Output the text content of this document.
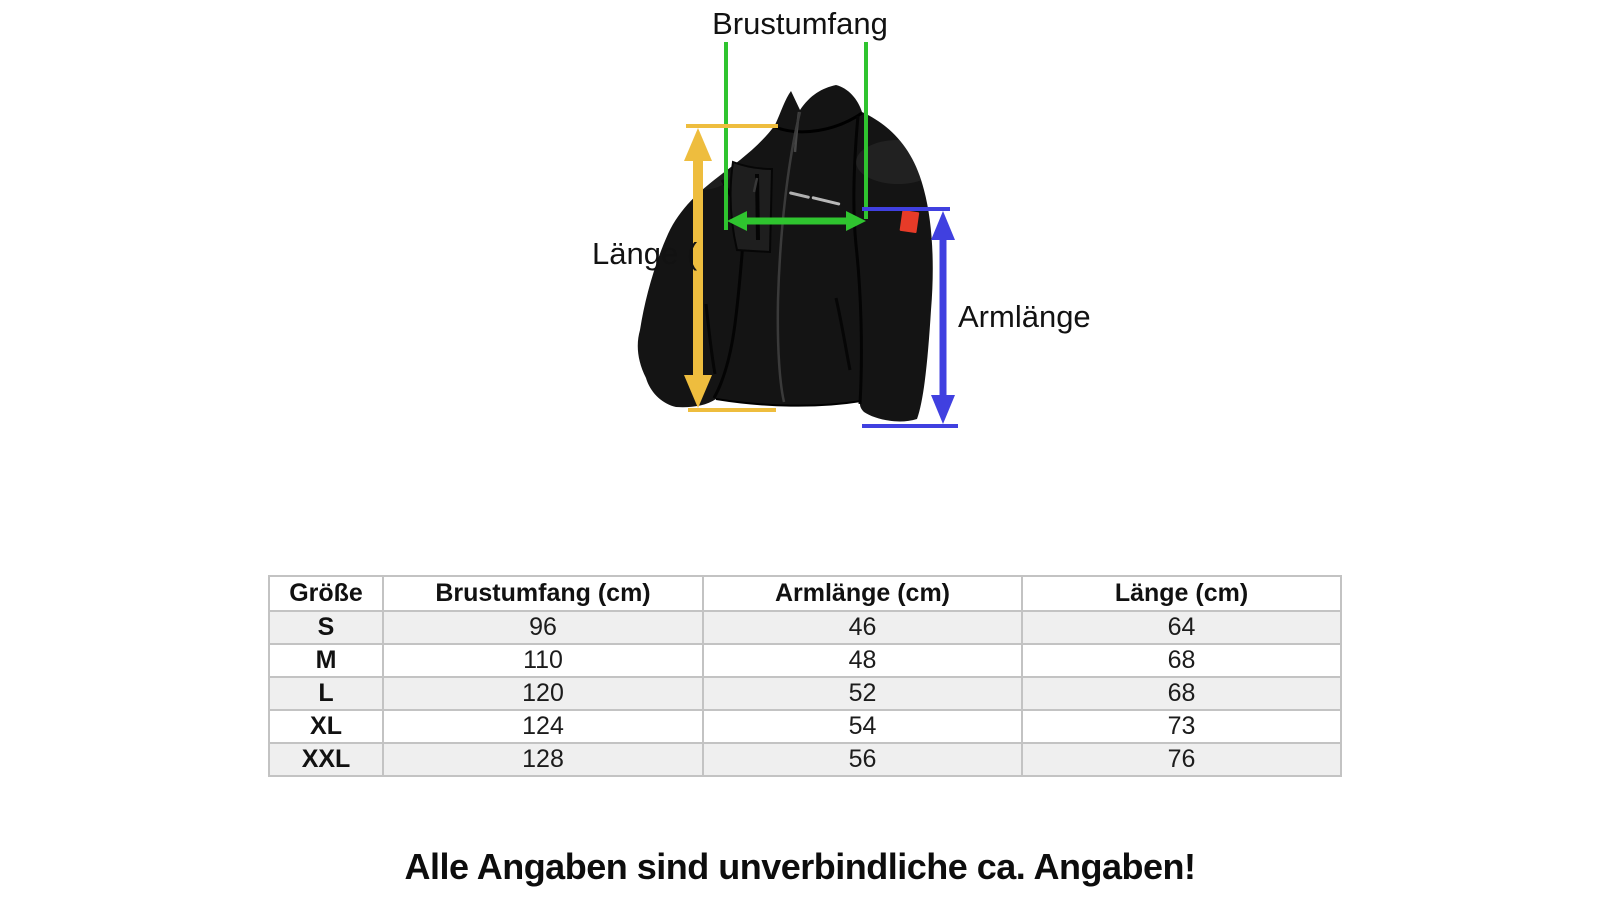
Brustumfang
Länge (
Armlänge
Größe	Brustumfang (cm)	Armlänge (cm)	Länge (cm)
S	96	46	64
M	110	48	68
L	120	52	68
XL	124	54	73
XXL	128	56	76
Alle Angaben sind unverbindliche ca. Angaben!
